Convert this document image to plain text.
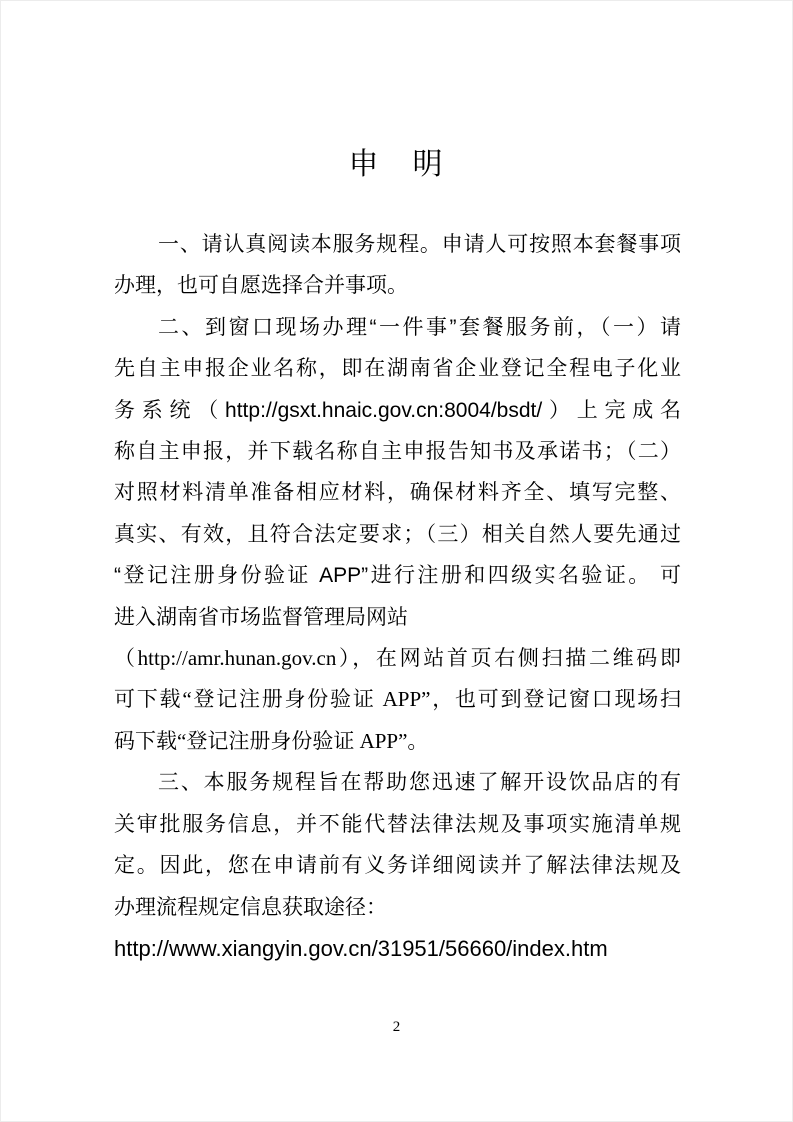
申　明
一、请认真阅读本服务规程。申请人可按照本套餐事项
办理，也可自愿选择合并事项。
二、到窗口现场办理“一件事”套餐服务前，（一）请
先自主申报企业名称，即在湖南省企业登记全程电子化业
务系统（http://gsxt.hnaic.gov.cn:8004/bsdt/）上完成名
称自主申报，并下载名称自主申报告知书及承诺书；（二）
对照材料清单准备相应材料，确保材料齐全、填写完整、
真实、有效，且符合法定要求；（三）相关自然人要先通过
“登记注册身份验证 APP”进行注册和四级实名验证。 可
进入湖南省市场监督管理局网站
（http://amr.hunan.gov.cn），在网站首页右侧扫描二维码即
可下载“登记注册身份验证 APP”，也可到登记窗口现场扫
码下载“登记注册身份验证 APP”。
三、本服务规程旨在帮助您迅速了解开设饮品店的有
关审批服务信息，并不能代替法律法规及事项实施清单规
定。因此，您在申请前有义务详细阅读并了解法律法规及
办理流程规定信息获取途径：
http://www.xiangyin.gov.cn/31951/56660/index.htm
2
